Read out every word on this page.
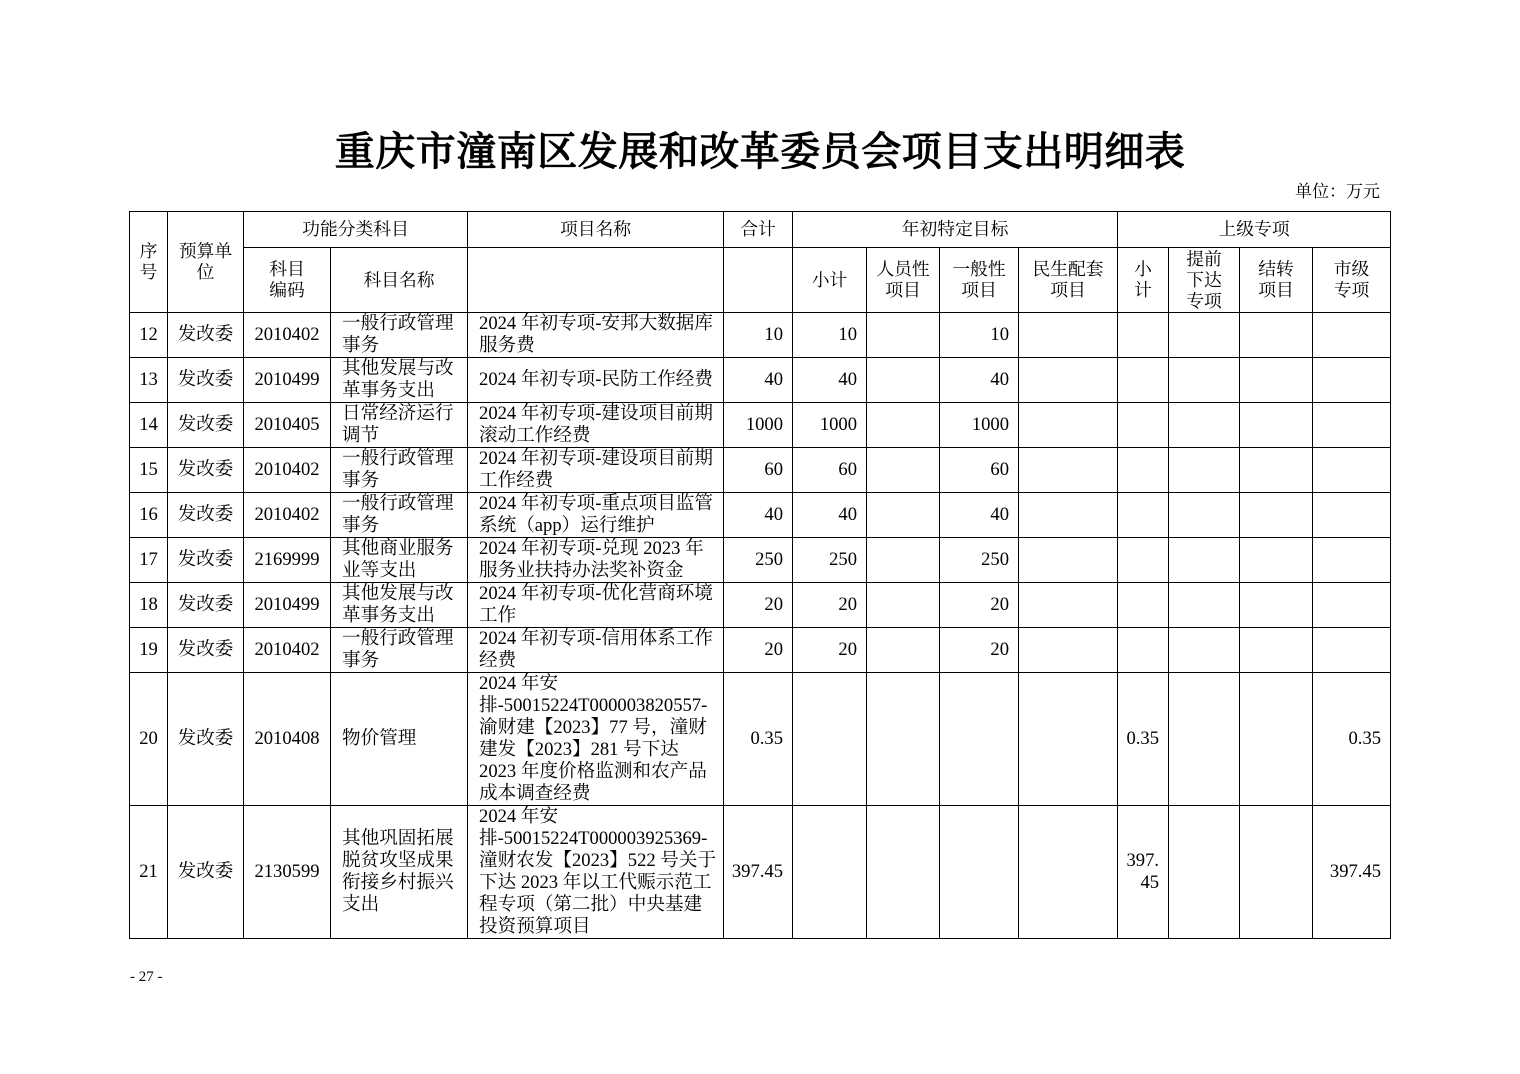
重庆市潼南区发展和改革委员会项目支出明细表
单位：万元
序号	预算单位	功能分类科目		项目名称	合计	年初特定目标				上级专项			
		科目编码	科目名称			小计	人员性项目	一般性项目	民生配套项目	小计	提前下达专项	结转项目	市级专项
12	发改委	2010402	一般行政管理事务	2024 年初专项-安邦大数据库服务费	10	10		10					
13	发改委	2010499	其他发展与改革事务支出	2024 年初专项-民防工作经费	40	40		40					
14	发改委	2010405	日常经济运行调节	2024 年初专项-建设项目前期滚动工作经费	1000	1000		1000					
15	发改委	2010402	一般行政管理事务	2024 年初专项-建设项目前期工作经费	60	60		60					
16	发改委	2010402	一般行政管理事务	2024 年初专项-重点项目监管系统（app）运行维护	40	40		40					
17	发改委	2169999	其他商业服务业等支出	2024 年初专项-兑现 2023 年服务业扶持办法奖补资金	250	250		250					
18	发改委	2010499	其他发展与改革事务支出	2024 年初专项-优化营商环境工作	20	20		20					
19	发改委	2010402	一般行政管理事务	2024 年初专项-信用体系工作经费	20	20		20					
20	发改委	2010408	物价管理	2024 年安排-50015224T000003820557-渝财建【2023】77 号，潼财建发【2023】281 号下达 2023 年度价格监测和农产品成本调查经费	0.35					0.35			0.35
21	发改委	2130599	其他巩固拓展脱贫攻坚成果衔接乡村振兴支出	2024 年安排-50015224T000003925369-潼财农发【2023】522 号关于下达 2023 年以工代赈示范工程专项（第二批）中央基建投资预算项目	397.45					397.45			397.45
- 27 -
